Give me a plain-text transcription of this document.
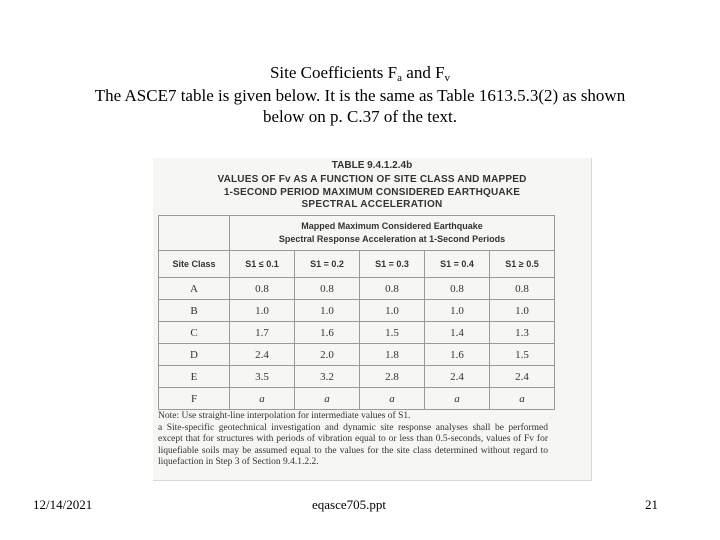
Site Coefficients $F_a$ and $F_v$
The ASCE7 table is given below. It is the same as Table 1613.5.3(2) as shown
below on p. C.37 of the text.
TABLE 9.4.1.2.4b
VALUES OF Fv AS A FUNCTION OF SITE CLASS AND MAPPED
1-SECOND PERIOD MAXIMUM CONSIDERED EARTHQUAKE
SPECTRAL ACCELERATION

	Mapped Maximum Considered Earthquake
Spectral Response Acceleration at 1-Second Periods				

Site Class	S1 ≤ 0.1	S1 = 0.2	S1 = 0.3	S1 = 0.4	S1 ≥ 0.5
A	0.8	0.8	0.8	0.8	0.8
B	1.0	1.0	1.0	1.0	1.0
C	1.7	1.6	1.5	1.4	1.3
D	2.4	2.0	1.8	1.6	1.5
E	3.5	3.2	2.8	2.4	2.4
F	a	a	a	a	a

Note: Use straight-line interpolation for intermediate values of S1.

a Site-specific geotechnical investigation and dynamic site response analyses shall be performed except that for structures with periods of vibration equal to or less than 0.5-seconds, values of Fv for liquefiable soils may be assumed equal to the values for the site class determined without regard to liquefaction in Step 3 of Section 9.4.1.2.2.

12/14/2021	eqasce705.ppt	21
